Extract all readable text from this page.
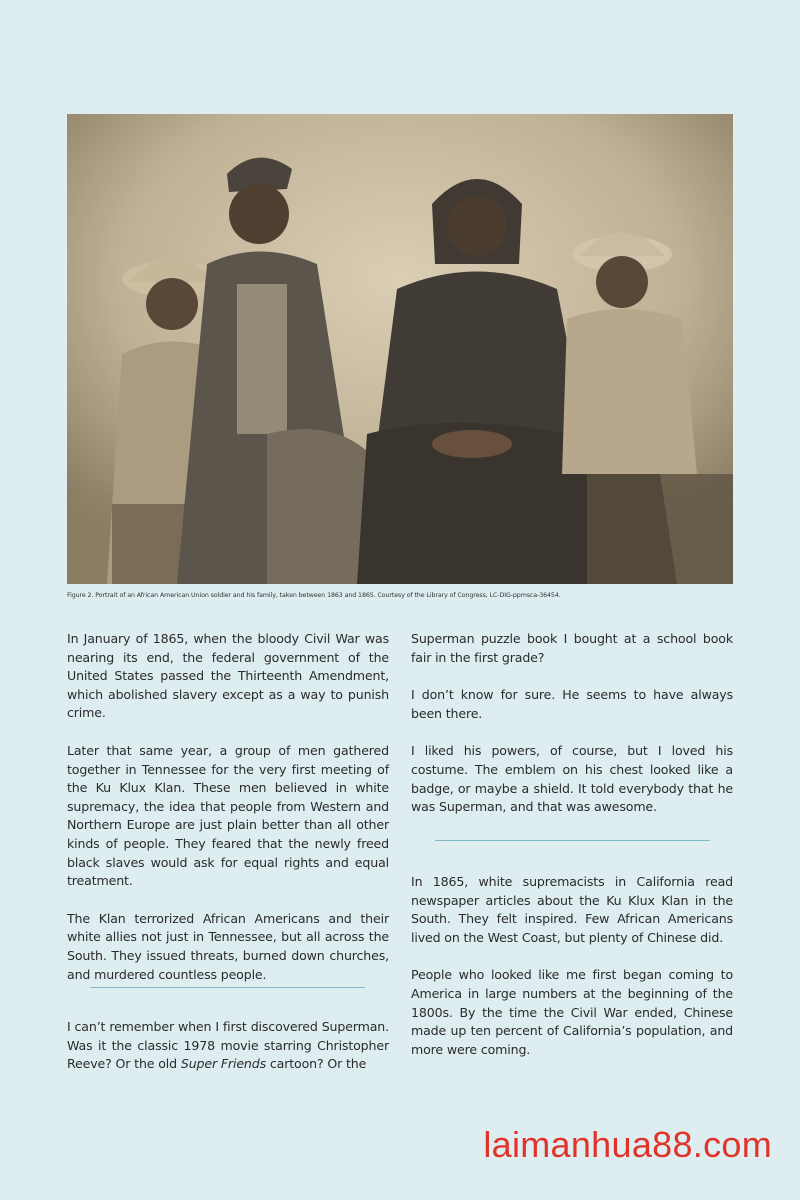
Figure 2. Portrait of an African American Union soldier and his family, taken between 1863 and 1865. Courtesy of the Library of Congress, LC-DIG-ppmsca-36454.

In January of 1865, when the bloody Civil War was nearing its end, the federal government of the United States passed the Thirteenth Amendment, which abolished slavery except as a way to punish crime.

Later that same year, a group of men gathered together in Tennessee for the very first meeting of the Ku Klux Klan. These men believed in white supremacy, the idea that people from Western and Northern Europe are just plain better than all other kinds of people. They feared that the newly freed black slaves would ask for equal rights and equal treatment.

The Klan terrorized African Americans and their white allies not just in Tennessee, but all across the South. They issued threats, burned down churches, and murdered countless people.

I can’t remember when I first discovered Superman. Was it the classic 1978 movie starring Christopher Reeve? Or the old Super Friends cartoon? Or the

Superman puzzle book I bought at a school book fair in the first grade?

I don’t know for sure. He seems to have always been there.

I liked his powers, of course, but I loved his costume. The emblem on his chest looked like a badge, or maybe a shield. It told everybody that he was Superman, and that was awesome.

In 1865, white supremacists in California read newspaper articles about the Ku Klux Klan in the South. They felt inspired. Few African Americans lived on the West Coast, but plenty of Chinese did.

People who looked like me first began coming to America in large numbers at the beginning of the 1800s. By the time the Civil War ended, Chinese made up ten percent of California’s population, and more were coming.

laimanhua88.com
